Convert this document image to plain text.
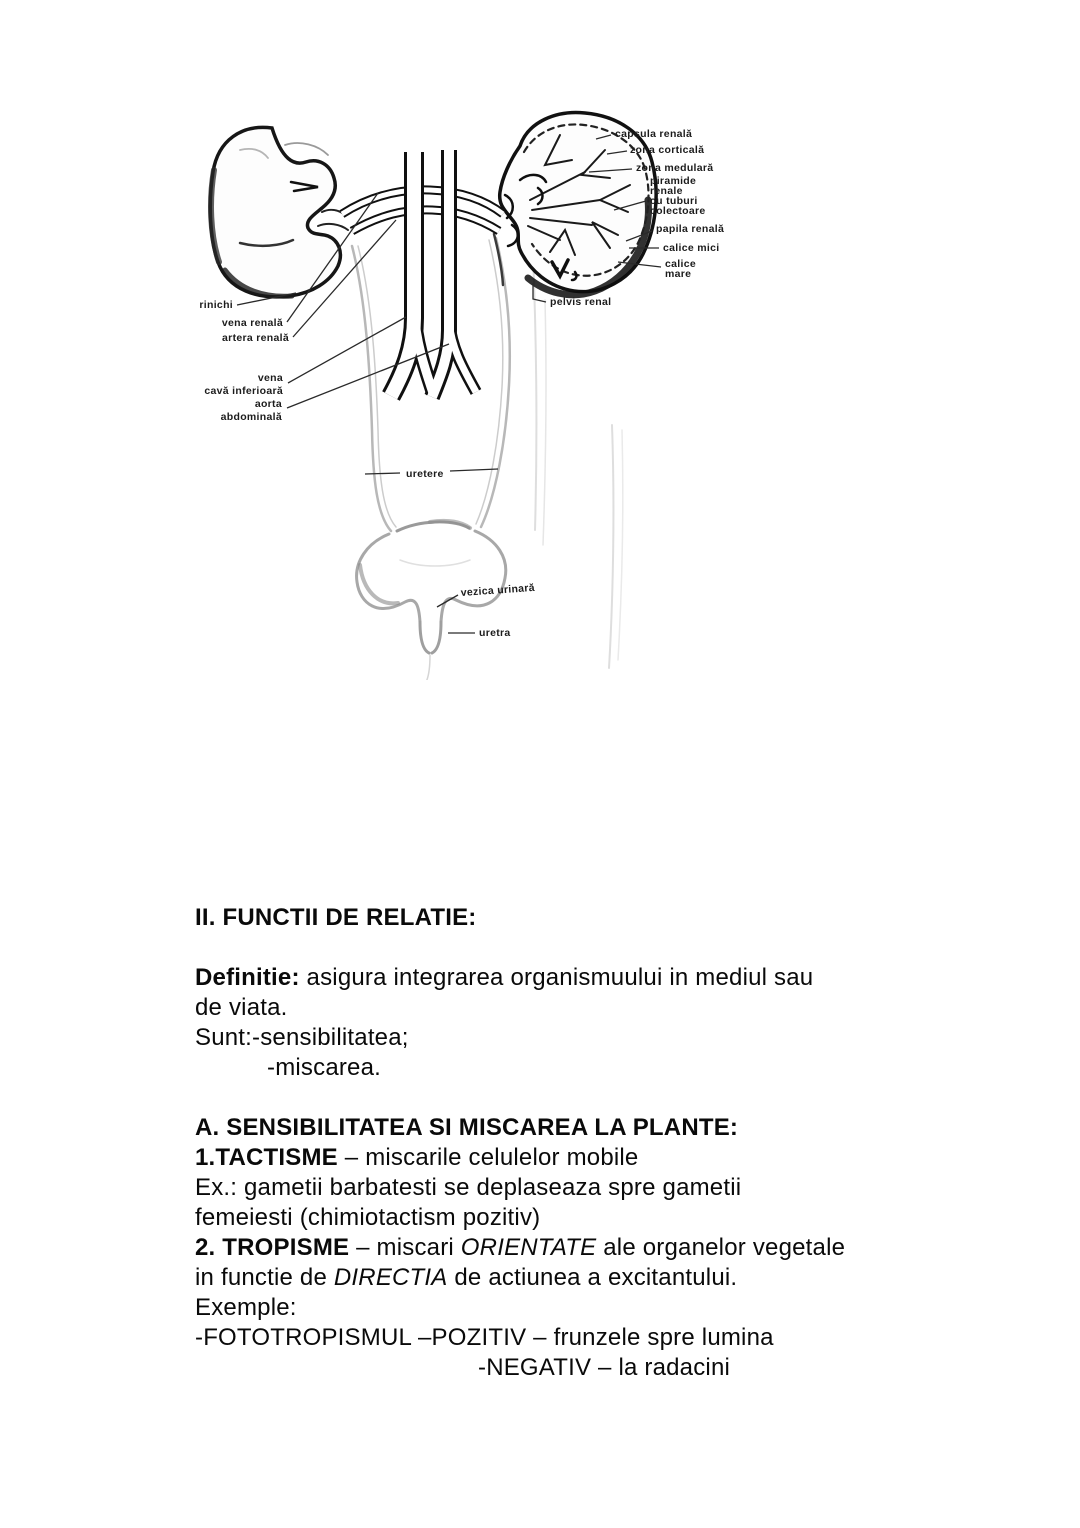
rinichi
vena renală
artera renală
vena cavă inferioară
aorta abdominală
capsula renală
zona corticală
zona medulară
piramide renale cu tuburi colectoare
papila renală
calice mici
calice mare
pelvis renal
uretere
vezica urinară
uretra
II. FUNCTII DE RELATIE:
Definitie: asigura integrarea organismuului in mediul sau
de viata.
Sunt:-sensibilitatea;
-miscarea.
A. SENSIBILITATEA SI MISCAREA LA PLANTE:
1.TACTISME – miscarile celulelor mobile
Ex.: gametii barbatesti se deplaseaza spre gametii
femeiesti (chimiotactism pozitiv)
2. TROPISME – miscari ORIENTATE ale organelor vegetale
in functie de DIRECTIA de actiunea a excitantului.
Exemple:
-FOTOTROPISMUL –POZITIV – frunzele spre lumina
-NEGATIV – la radacini
